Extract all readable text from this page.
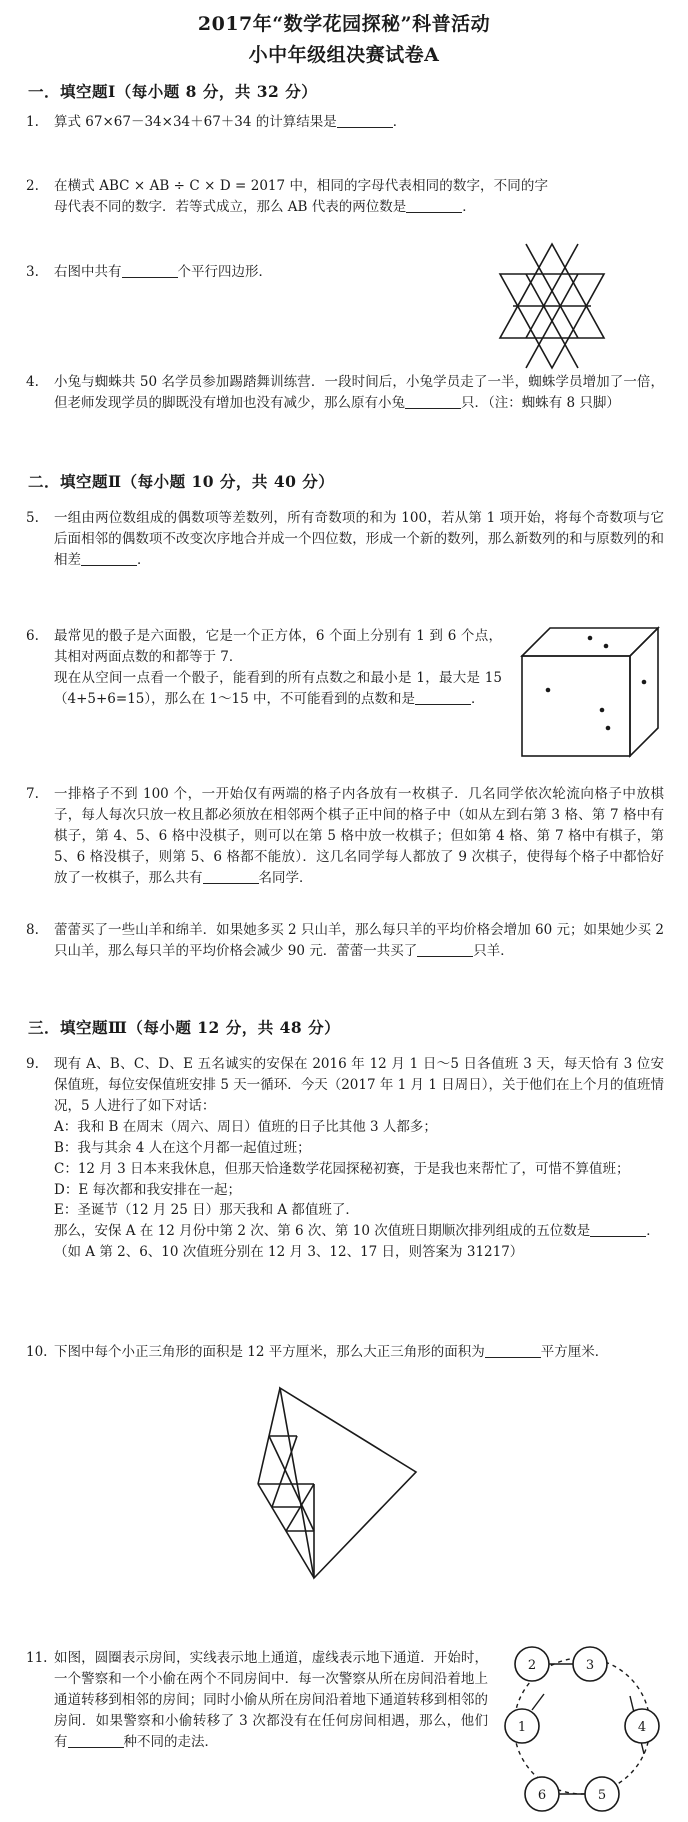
2017年“数学花园探秘”科普活动
小中年级组决赛试卷A
一．填空题Ⅰ（每小题 8 分，共 32 分）
1.	算式 67×67－34×34＋67＋34 的计算结果是	．
2.	在横式 ABC × AB ÷ C × D = 2017 中，相同的字母代表相同的数字，不同的字母代表不同的数字．若等式成立，那么 AB 代表的两位数是	．
3.	右图中共有	个平行四边形．
4.	小兔与蜘蛛共 50 名学员参加踢踏舞训练营．一段时间后，小兔学员走了一半，蜘蛛学员增加了一倍，但老师发现学员的脚既没有增加也没有减少，那么原有小兔	只．（注：蜘蛛有 8 只脚）
二．填空题Ⅱ（每小题 10 分，共 40 分）
5.	一组由两位数组成的偶数项等差数列，所有奇数项的和为 100，若从第 1 项开始，将每个奇数项与它后面相邻的偶数项不改变次序地合并成一个四位数，形成一个新的数列，那么新数列的和与原数列的和相差	．
6.	最常见的骰子是六面骰，它是一个正方体，6 个面上分别有 1 到 6 个点，其相对两面点数的和都等于 7．

现在从空间一点看一个骰子，能看到的所有点数之和最小是 1，最大是 15（4+5+6=15），那么在 1～15 中，不可能看到的点数和是	．

7.	一排格子不到 100 个，一开始仅有两端的格子内各放有一枚棋子．几名同学依次轮流向格子中放棋子，每人每次只放一枚且都必须放在相邻两个棋子正中间的格子中（如从左到右第 3 格、第 7 格中有棋子，第 4、5、6 格中没棋子，则可以在第 5 格中放一枚棋子；但如第 4 格、第 7 格中有棋子，第 5、6 格没棋子，则第 5、6 格都不能放）．这几名同学每人都放了 9 次棋子，使得每个格子中都恰好放了一枚棋子，那么共有	名同学．
8.	蕾蕾买了一些山羊和绵羊．如果她多买 2 只山羊，那么每只羊的平均价格会增加 60 元；如果她少买 2 只山羊，那么每只羊的平均价格会减少 90 元．蕾蕾一共买了	只羊．
三．填空题Ⅲ（每小题 12 分，共 48 分）
9.	现有 A、B、C、D、E 五名诚实的安保在 2016 年 12 月 1 日～5 日各值班 3 天，每天恰有 3 位安保值班，每位安保值班安排 5 天一循环．今天（2017 年 1 月 1 日周日），关于他们在上个月的值班情况，5 人进行了如下对话：

A：我和 B 在周末（周六、周日）值班的日子比其他 3 人都多；

B：我与其余 4 人在这个月都一起值过班；

C：12 月 3 日本来我休息，但那天恰逢数学花园探秘初赛，于是我也来帮忙了，可惜不算值班；

D：E 每次都和我安排在一起；

E：圣诞节（12 月 25 日）那天我和 A 都值班了．

那么，安保 A 在 12 月份中第 2 次、第 6 次、第 10 次值班日期顺次排列组成的五位数是	．

（如 A 第 2、6、10 次值班分别在 12 月 3、12、17 日，则答案为 31217）

10. 下图中每个小正三角形的面积是 12 平方厘米，那么大正三角形的面积为	平方厘米．
11. 如图，圆圈表示房间，实线表示地上通道，虚线表示地下通道．开始时，一个警察和一个小偷在两个不同房间中．每一次警察从所在房间沿着地上通道转移到相邻的房间；同时小偷从所在房间沿着地下通道转移到相邻的房间．如果警察和小偷转移了 3 次都没有在任何房间相遇，那么，他们有	种不同的走法．
2	3
1	4
6	5
